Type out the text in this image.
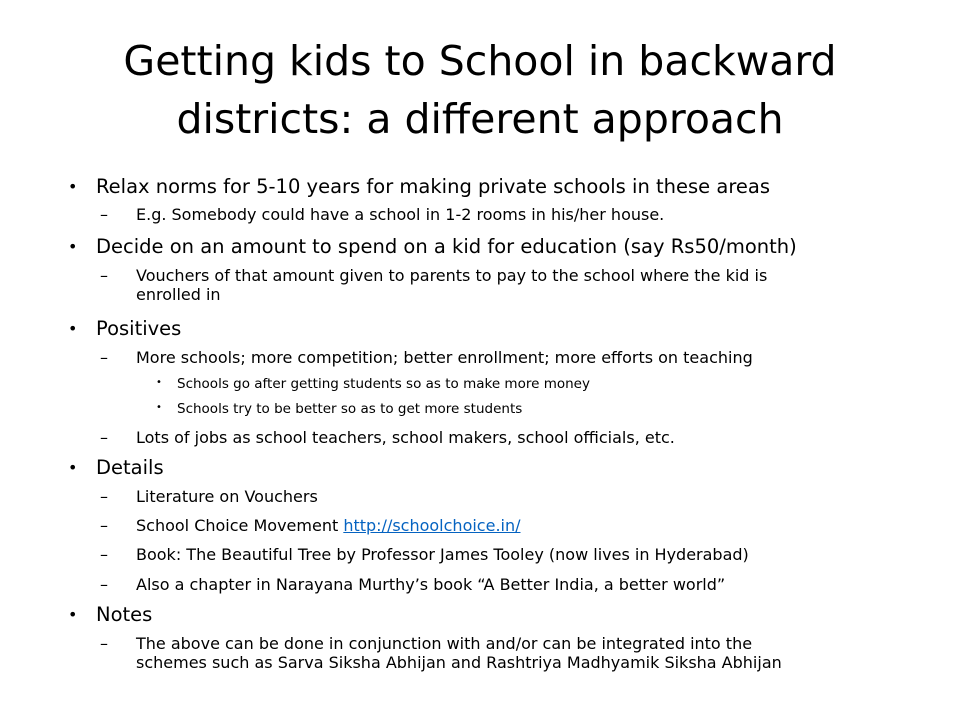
Getting kids to School in backward
districts: a different approach
• Relax norms for 5-10 years for making private schools in these areas
– E.g. Somebody could have a school in 1-2 rooms in his/her house.
• Decide on an amount to spend on a kid for education (say Rs50/month)
– Vouchers of that amount given to parents to pay to the school where the kid is
enrolled in
• Positives
– More schools; more competition; better enrollment; more efforts on teaching
• Schools go after getting students so as to make more money
• Schools try to be better so as to get more students
– Lots of jobs as school teachers, school makers, school officials, etc.
• Details
– Literature on Vouchers
– School Choice Movement http://schoolchoice.in/
– Book: The Beautiful Tree by Professor James Tooley (now lives in Hyderabad)
– Also a chapter in Narayana Murthy’s book “A Better India, a better world”
• Notes
– The above can be done in conjunction with and/or can be integrated into the
schemes such as Sarva Siksha Abhijan and Rashtriya Madhyamik Siksha Abhijan
